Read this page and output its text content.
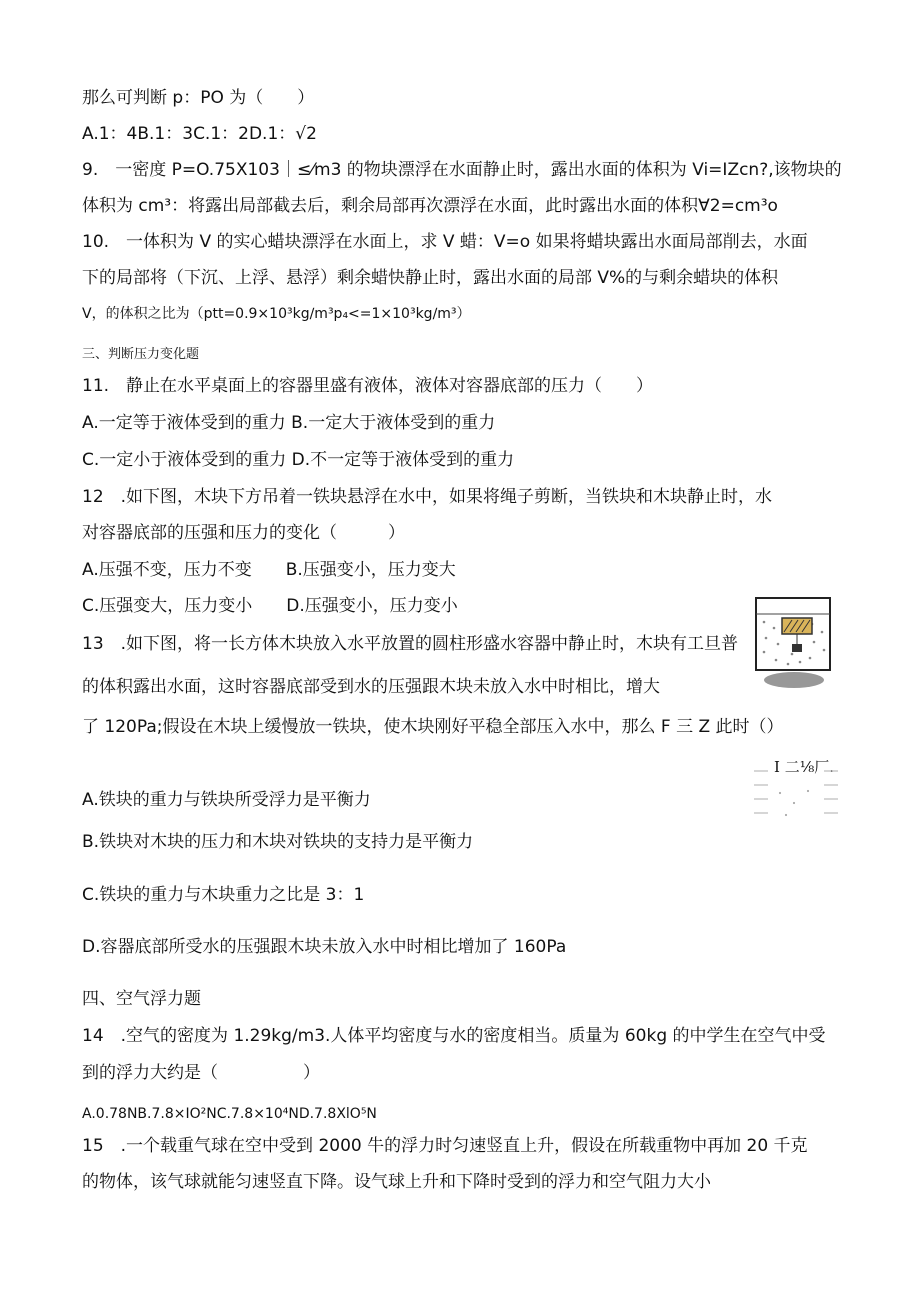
那么可判断 p：PO 为（　　）
A.1：4B.1：3C.1：2D.1：√2
9.　一密度 P=O.75X103｜≤⁄m3 的物块漂浮在水面静止时，露出水面的体积为 Vi=IZcn?,该物块的
体积为 cm³：将露出局部截去后，剩余局部再次漂浮在水面，此时露出水面的体积∀2=cm³o
10.　一体积为 V 的实心蜡块漂浮在水面上，求 V 蜡：V=o 如果将蜡块露出水面局部削去，水面
下的局部将（下沉、上浮、悬浮）剩余蜡快静止时，露出水面的局部 V%的与剩余蜡块的体积
V，的体积之比为（ptt=0.9×10³kg∕m³p₄<=1×10³kg∕m³）
三、判断压力变化题
11.　静止在水平桌面上的容器里盛有液体，液体对容器底部的压力（　　）
A.一定等于液体受到的重力 B.一定大于液体受到的重力
C.一定小于液体受到的重力 D.不一定等于液体受到的重力
12　.如下图，木块下方吊着一铁块悬浮在水中，如果将绳子剪断，当铁块和木块静止时，水
对容器底部的压强和压力的变化（　　　）
A.压强不变，压力不变　　B.压强变小，压力变大
C.压强变大，压力变小　　D.压强变小，压力变小
13　.如下图，将一长方体木块放入水平放置的圆柱形盛水容器中静止时，木块有工旦普
的体积露出水面，这时容器底部受到水的压强跟木块未放入水中时相比，增大
了 120Pa;假设在木块上缓慢放一铁块，使木块刚好平稳全部压入水中，那么 F 三 Z 此时（）
A.铁块的重力与铁块所受浮力是平衡力
B.铁块对木块的压力和木块对铁块的支持力是平衡力
C.铁块的重力与木块重力之比是 3：1
D.容器底部所受水的压强跟木块未放入水中时相比增加了 160Pa
四、空气浮力题
14　.空气的密度为 1.29kg∕m3.人体平均密度与水的密度相当。质量为 60kg 的中学生在空气中受
到的浮力大约是（　　　　　）
A.0.78NB.7.8×IO²NC.7.8×10⁴ND.7.8XlO⁵N
15　.一个载重气球在空中受到 2000 牛的浮力时匀速竖直上升，假设在所载重物中再加 20 千克
的物体，该气球就能匀速竖直下降。设气球上升和下降时受到的浮力和空气阻力大小
I 二⅛厂.
